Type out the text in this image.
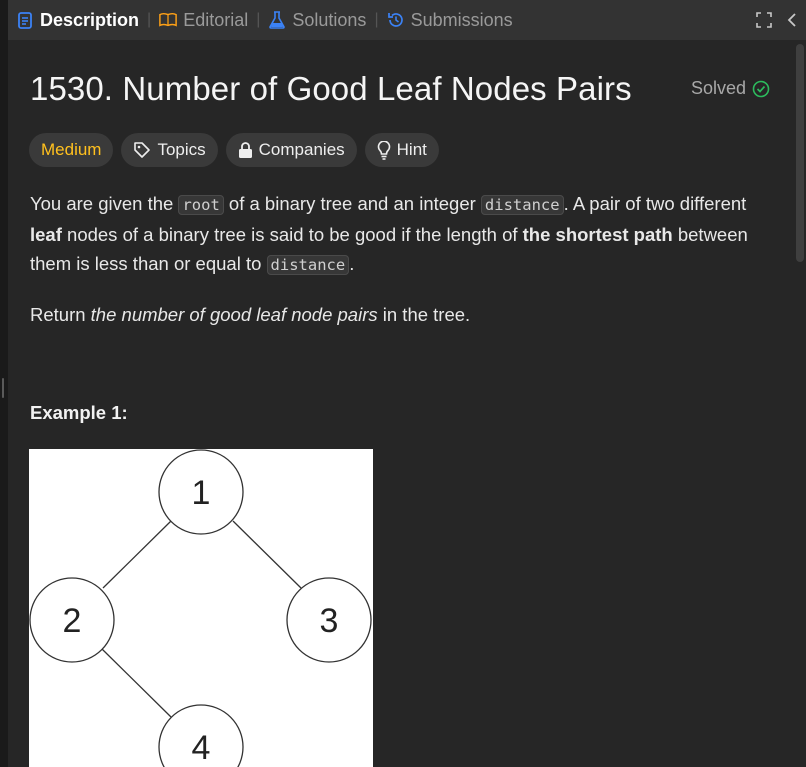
Description | Editorial | Solutions | Submissions
1530. Number of Good Leaf Nodes Pairs	Solved
Medium	Topics	Companies	Hint

You are given the root of a binary tree and an integer distance . A pair of two different leaf nodes of a binary tree is said to be good if the length of the shortest path between them is less than or equal to distance .

Return the number of good leaf node pairs in the tree.

Example 1:
1
2	3
4
